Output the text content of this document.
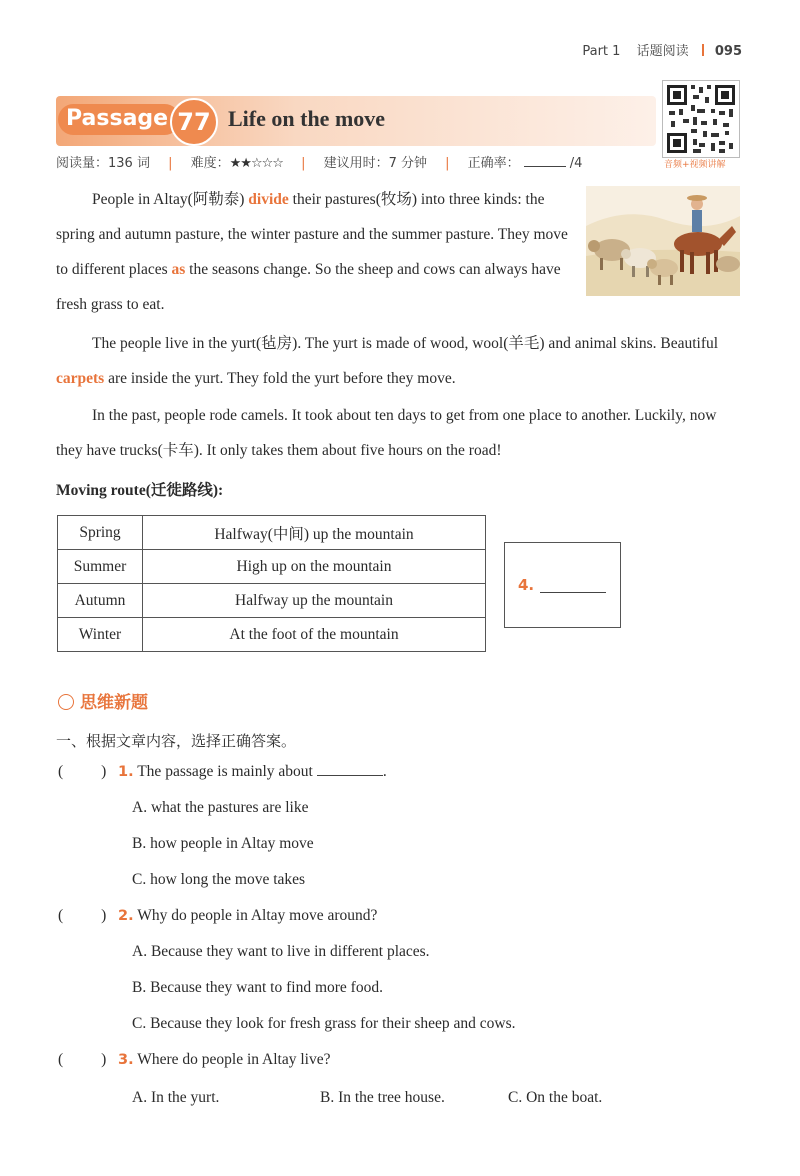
Part 1 话题阅读 095
Passage 77 Life on the move
音频+视频讲解
阅读量：136 词 | 难度：★★☆☆☆ | 建议用时：7 分钟 | 正确率：	/4
People in Altay(阿勒泰) divide their pastures(牧场) into three kinds: the spring and autumn pasture, the winter pasture and the summer pasture. They move to different places as the seasons change. So the sheep and cows can always have fresh grass to eat.
The people live in the yurt(毡房). The yurt is made of wood, wool(羊毛) and animal skins. Beautiful carpets are inside the yurt. They fold the yurt before they move.
In the past, people rode camels. It took about ten days to get from one place to another. Luckily, now they have trucks(卡车). It only takes them about five hours on the road!
Moving route(迁徙路线):
Spring	Halfway(中间) up the mountain
Summer	High up on the mountain
Autumn	Halfway up the mountain
Winter	At the foot of the mountain
4.
思维新题
一、根据文章内容，选择正确答案。
( ) 1. The passage is mainly about	.
A. what the pastures are like
B. how people in Altay move
C. how long the move takes
( ) 2. Why do people in Altay move around?
A. Because they want to live in different places.
B. Because they want to find more food.
C. Because they look for fresh grass for their sheep and cows.
( ) 3. Where do people in Altay live?
A. In the yurt.	B. In the tree house.	C. On the boat.
